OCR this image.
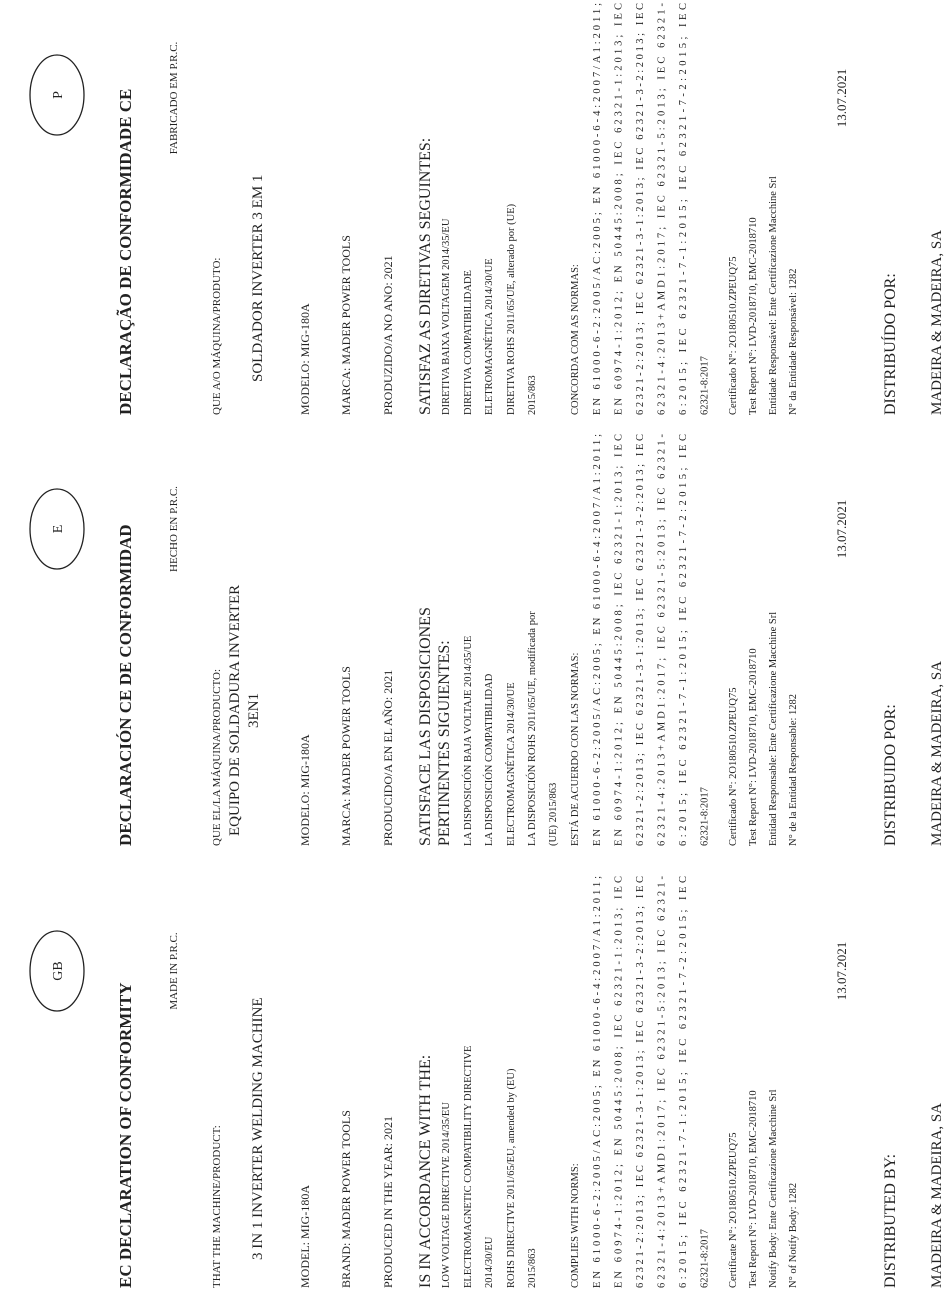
GB
EC DECLARATION OF CONFORMITY
MADE IN P.R.C.
THAT THE MACHINE/PRODUCT: 3 IN 1 INVERTER WELDING MACHINE	MODEL: MIG-180A BRAND: MADER POWER TOOLS PRODUCED IN THE YEAR: 2021 IS IN ACCORDANCE WITH THE: LOW VOLTAGE DIRECTIVE 2014/35/EU ELECTROMAGNETIC COMPATIBILITY DIRECTIVE 2014/30/EU ROHS DIRECTIVE 2011/65/EU, amended by (EU) 2015/863	COMPLIES WITH NORMS: EN 61000-6-2:2005/AC:2005; EN 61000-6-4:2007/A1:2011;
EN 60974-1:2012; EN 50445:2008; IEC 62321-1:2013; IEC
62321-2:2013; IEC 62321-3-1:2013; IEC 62321-3-2:2013; IEC
62321-4:2013+AMD1:2017; IEC 62321-5:2013; IEC 62321-
6:2015; IEC 62321-7-1:2015; IEC 62321-7-2:2015; IEC
62321-8:2017 Certificate N°: 2O180510.ZPEUQ75 Test Report N°: LVD-2018710, EMC-2018710 Notify Body: Ente Certificazione Macchine Srl N° of Notify Body: 1282
13.07.2021
DISTRIBUTED BY: MADEIRA & MADEIRA, SA
E	DECLARACIÓN CE DE CONFORMIDAD	HECHO EN P.R.C.
QUE EL/LA MÁQUINA/PRODUCTO: EQUIPO DE SOLDADURA INVERTER 3EN1
MODELO: MIG-180A MARCA: MADER POWER TOOLS PRODUCIDO/A EN EL AÑO: 2021 SATISFACE LAS DISPOSICIONES PERTINENTES SIGUIENTES: LA DISPOSICIÓN BAJA VOLTAJE 2014/35/UE LA DISPOSICIÓN COMPATIBILIDAD ELECTROMAGNÉTICA 2014/30/UE LA DISPOSICIÓN ROHS 2011/65/UE, modificada por (UE) 2015/863 ESTÁ DE ACUERDO CON LAS NORMAS: EN 61000-6-2:2005/AC:2005; EN 61000-6-4:2007/A1:2011;
EN 60974-1:2012; EN 50445:2008; IEC 62321-1:2013; IEC
62321-2:2013; IEC 62321-3-1:2013; IEC 62321-3-2:2013; IEC
62321-4:2013+AMD1:2017; IEC 62321-5:2013; IEC 62321-
6:2015; IEC 62321-7-1:2015; IEC 62321-7-2:2015; IEC
62321-8:2017 Certificado N°: 2O180510.ZPEUQ75 Test Report N°: LVD-2018710, EMC-2018710 Entidad Responsable: Ente Certificazione Macchine Srl N° de la Entidad Responsable: 1282
13.07.2021
DISTRIBUIDO POR: MADEIRA & MADEIRA, SA
P	DECLARAÇÃO DE CONFORMIDADE CE	FABRICADO EM P.R.C.
QUE A/O MÁQUINA/PRODUTO: SOLDADOR INVERTER 3 EM 1	MODELO: MIG-180A MARCA: MADER POWER TOOLS PRODUZIDO/A NO ANO: 2021 SATISFAZ AS DIRETIVAS SEGUINTES: DIRETIVA BAIXA VOLTAGEM 2014/35/EU DIRETIVA COMPATIBILIDADE ELETROMAGNÉTICA 2014/30/UE DIRETIVA ROHS 2011/65/UE, alterado por (UE) 2015/863	CONCORDA COM AS NORMAS: EN 61000-6-2:2005/AC:2005; EN 61000-6-4:2007/A1:2011;
EN 60974-1:2012; EN 50445:2008; IEC 62321-1:2013; IEC
62321-2:2013; IEC 62321-3-1:2013; IEC 62321-3-2:2013; IEC
62321-4:2013+AMD1:2017; IEC 62321-5:2013; IEC 62321-
6:2015; IEC 62321-7-1:2015; IEC 62321-7-2:2015; IEC
62321-8:2017 Certificado N°: 2O180510.ZPEUQ75 Test Report N°: LVD-2018710, EMC-2018710 Entidade Responsável: Ente Certificazione Macchine Srl N° da Entidade Responsável: 1282
13.07.2021
DISTRIBUÍDO POR: MADEIRA & MADEIRA, SA
